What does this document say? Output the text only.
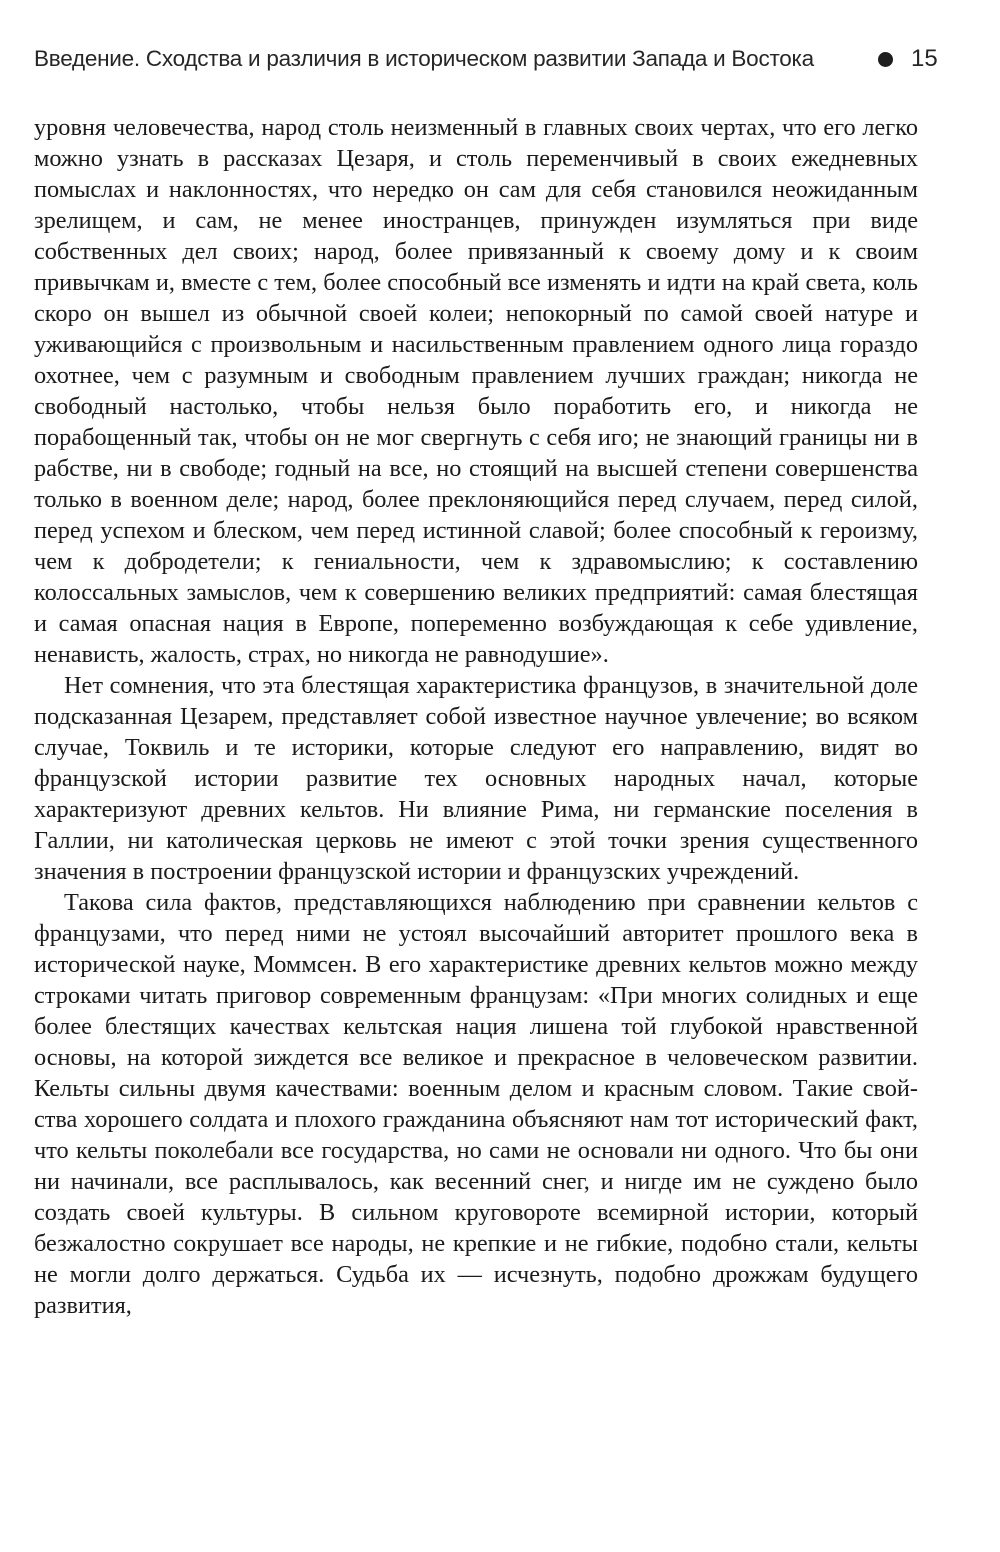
Введение. Сходства и различия в историческом развитии Запада и Востока	15

уровня человечества, народ столь неизменный в главных своих чертах, что его легко можно узнать в рассказах Цезаря, и столь переменчивый в своих ежедневных помыслах и наклонностях, что нередко он сам для себя становился неожиданным зрелищем, и сам, не менее иностранцев, принужден изумляться при виде собственных дел своих; народ, более привязанный к своему дому и к своим привычкам и, вместе с тем, более способный все изменять и идти на край света, коль скоро он вышел из обычной своей колеи; непокорный по самой своей натуре и уживающийся с произвольным и насильственным правлением одного лица гораздо охотнее, чем с разумным и свободным правлением лучших граждан; никогда не свободный настолько, чтобы нельзя было поработить его, и никогда не порабощенный так, чтобы он не мог свергнуть с себя иго; не знающий границы ни в рабстве, ни в свободе; годный на все, но стоящий на высшей степени совершенства только в военном деле; народ, более преклоняющийся перед случаем, перед силой, перед успехом и блеском, чем перед истинной славой; более способный к героизму, чем к добродетели; к гениальности, чем к здравомыслию; к составлению колоссальных замыслов, чем к совершению великих предприятий: самая блестящая и самая опасная нация в Европе, попеременно возбуждающая к себе удивление, ненависть, жалость, страх, но никогда не равнодушие».

Нет сомнения, что эта блестящая характеристика французов, в значительной доле подсказанная Цезарем, представляет собой известное научное увлечение; во всяком случае, Токвиль и те историки, которые следуют его направлению, видят во французской истории развитие тех основных народных начал, которые характеризуют древних кельтов. Ни влияние Рима, ни германские поселения в Галлии, ни католическая церковь не имеют с этой точки зрения существенного значения в построении французской истории и французских учреждений.

Такова сила фактов, представляющихся наблюдению при сравнении кельтов с французами, что перед ними не устоял высочайший авторитет прошлого века в исторической науке, Моммсен. В его характеристике древних кельтов можно между строками читать приговор современным французам: «При многих солидных и еще более блестящих качествах кельтская нация лишена той глубокой нравственной основы, на которой зиждется все великое и прекрасное в человеческом развитии. Кельты сильны двумя качествами: военным делом и красным словом. Такие свойства хорошего солдата и плохого гражданина объясняют нам тот исторический факт, что кельты поколебали все государства, но сами не основали ни одного. Что бы они ни начинали, все расплывалось, как весенний снег, и нигде им не суждено было создать своей культуры. В сильном круговороте всемирной истории, который безжалостно сокрушает все народы, не крепкие и не гибкие, подобно стали, кельты не могли долго держаться. Судьба их — исчезнуть, подобно дрожжам будущего развития,
